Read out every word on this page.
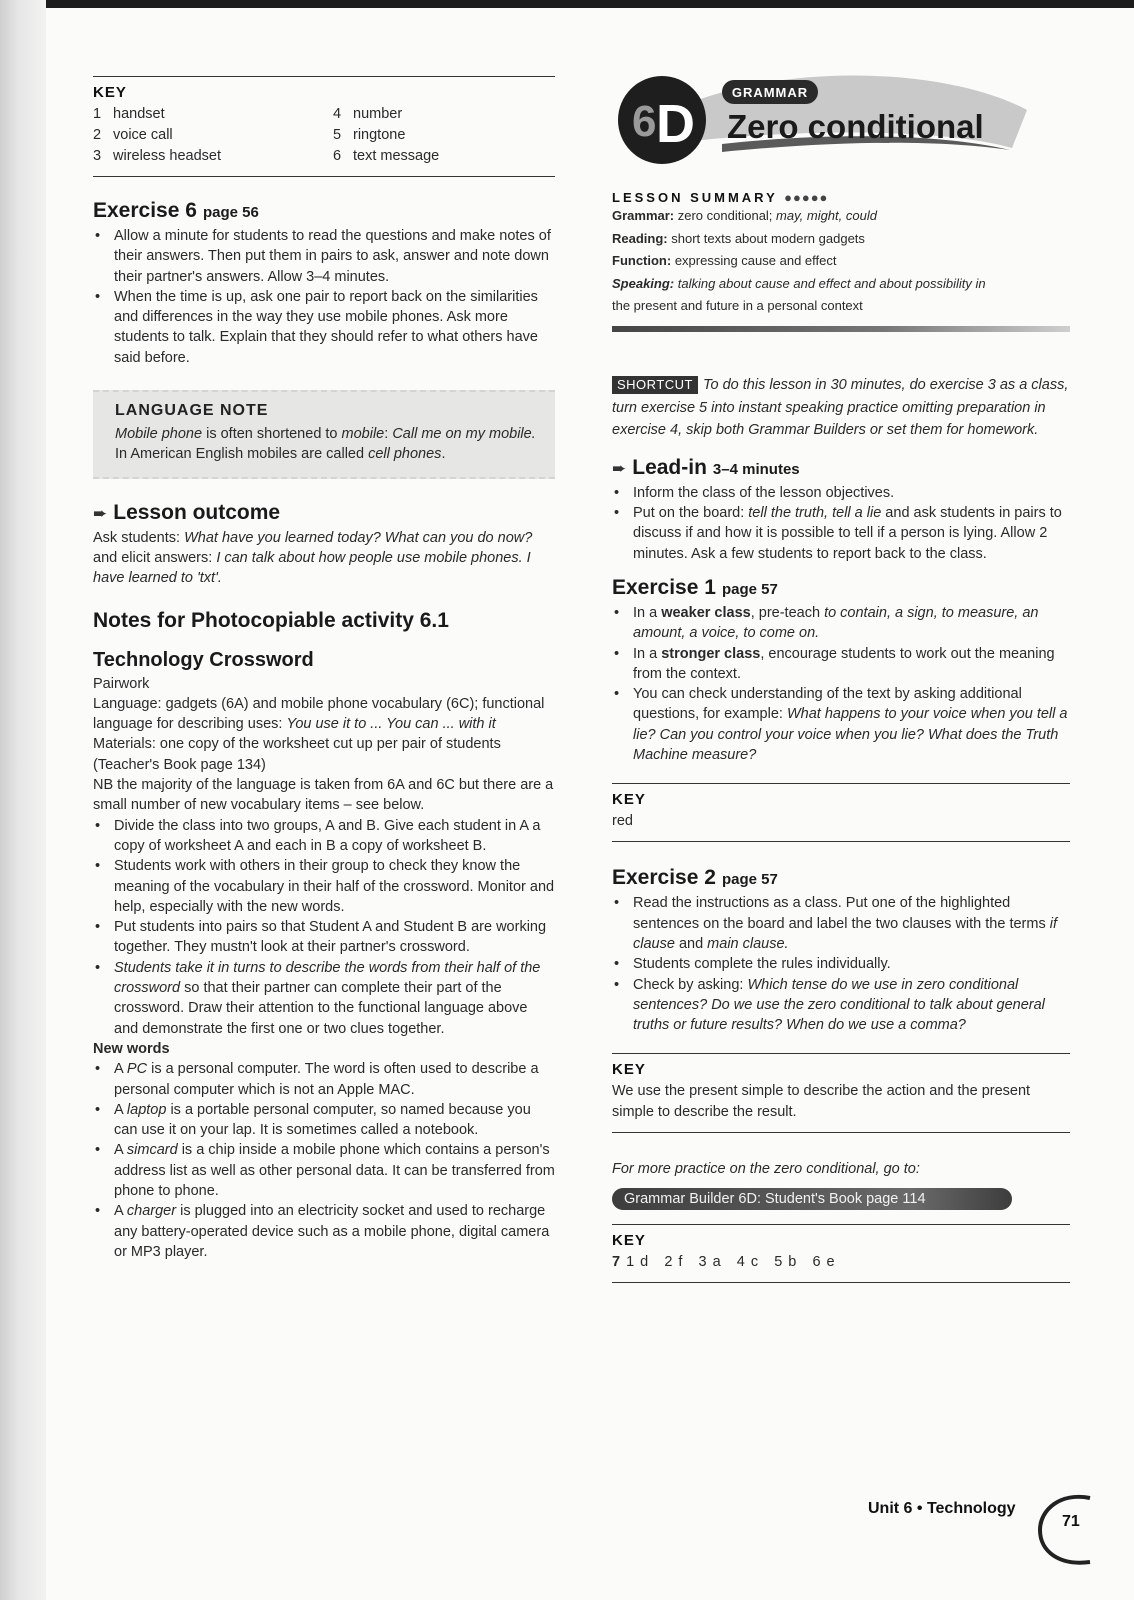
KEY
1 handset	4 number
2 voice call	5 ringtone
3 wireless headset	6 text message
Exercise 6 page 56
• Allow a minute for students to read the questions and make notes of their answers. Then put them in pairs to ask, answer and note down their partner's answers. Allow 3–4 minutes.
• When the time is up, ask one pair to report back on the similarities and differences in the way they use mobile phones. Ask more students to talk. Explain that they should refer to what others have said before.
LANGUAGE NOTE

Mobile phone is often shortened to mobile: Call me on my mobile. In American English mobiles are called cell phones.

➨ Lesson outcome

Ask students: What have you learned today? What can you do now? and elicit answers: I can talk about how people use mobile phones. I have learned to 'txt'.

Notes for Photocopiable activity 6.1
Technology Crossword

Pairwork

Language: gadgets (6A) and mobile phone vocabulary (6C); functional language for describing uses: You use it to ... You can ... with it

Materials: one copy of the worksheet cut up per pair of students (Teacher's Book page 134)

NB the majority of the language is taken from 6A and 6C but there are a small number of new vocabulary items – see below.

• Divide the class into two groups, A and B. Give each student in A a copy of worksheet A and each in B a copy of worksheet B.
• Students work with others in their group to check they know the meaning of the vocabulary in their half of the crossword. Monitor and help, especially with the new words.
• Put students into pairs so that Student A and Student B are working together. They mustn't look at their partner's crossword.
• Students take it in turns to describe the words from their half of the crossword so that their partner can complete their part of the crossword. Draw their attention to the functional language above and demonstrate the first one or two clues together.

New words

• A PC is a personal computer. The word is often used to describe a personal computer which is not an Apple MAC.
• A laptop is a portable personal computer, so named because you can use it on your lap. It is sometimes called a notebook.
• A simcard is a chip inside a mobile phone which contains a person's address list as well as other personal data. It can be transferred from phone to phone.
• A charger is plugged into an electricity socket and used to recharge any battery-operated device such as a mobile phone, digital camera or MP3 player.
6 D
GRAMMAR
Zero conditional
LESSON SUMMARY ●●●●●
Grammar: zero conditional; may, might, could
Reading: short texts about modern gadgets
Function: expressing cause and effect
Speaking: talking about cause and effect and about possibility in
the present and future in a personal context
SHORTCUT To do this lesson in 30 minutes, do exercise 3 as a class, turn exercise 5 into instant speaking practice omitting preparation in exercise 4, skip both Grammar Builders or set them for homework.
➨ Lead-in 3–4 minutes
• Inform the class of the lesson objectives.
• Put on the board: tell the truth, tell a lie and ask students in pairs to discuss if and how it is possible to tell if a person is lying. Allow 2 minutes. Ask a few students to report back to the class.
Exercise 1 page 57
• In a weaker class, pre-teach to contain, a sign, to measure, an amount, a voice, to come on.
• In a stronger class, encourage students to work out the meaning from the context.
• You can check understanding of the text by asking additional questions, for example: What happens to your voice when you tell a lie? Can you control your voice when you lie? What does the Truth Machine measure?
KEY
red
Exercise 2 page 57
• Read the instructions as a class. Put one of the highlighted sentences on the board and label the two clauses with the terms if clause and main clause.
• Students complete the rules individually.
• Check by asking: Which tense do we use in zero conditional sentences? Do we use the zero conditional to talk about general truths or future results? When do we use a comma?
KEY
We use the present simple to describe the action and the present simple to describe the result.

For more practice on the zero conditional, go to:

Grammar Builder 6D: Student's Book page 114
KEY
7 1 d   2 f   3 a   4 c   5 b   6 e
Unit 6 • Technology
71
